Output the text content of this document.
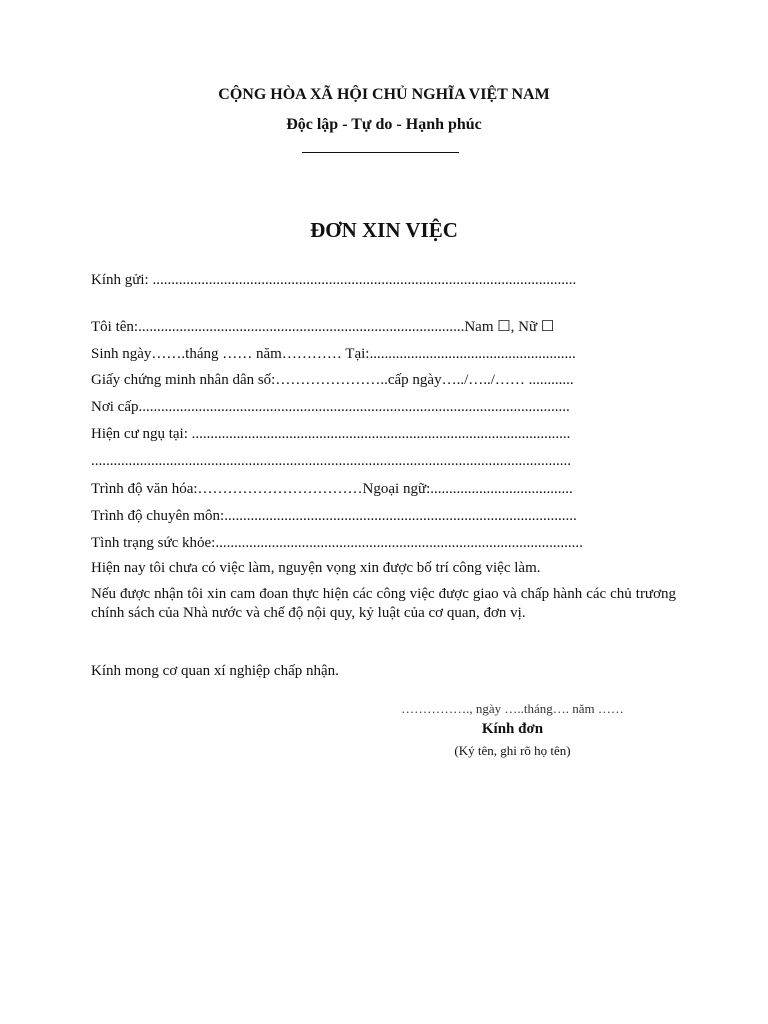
CỘNG HÒA XÃ HỘI CHỦ NGHĨA VIỆT NAM
Độc lập - Tự do - Hạnh phúc
ĐƠN XIN VIỆC
Kính gửi: .................................................................................................................
Tôi tên:.......................................................................................Nam ☐, Nữ ☐
Sinh ngày…….tháng …… năm………… Tại:.......................................................
Giấy chứng minh nhân dân số:…………………..cấp ngày…../…../…… ............
Nơi cấp...................................................................................................................
Hiện cư ngụ tại: .....................................................................................................
................................................................................................................................
Trình độ văn hóa:……………………………Ngoại ngữ:......................................
Trình độ chuyên môn:..............................................................................................
Tình trạng sức khỏe:..................................................................................................
Hiện nay tôi chưa có việc làm, nguyện vọng xin được bố trí công việc làm.
Nếu được nhận tôi xin cam đoan thực hiện các công việc được giao và chấp hành các chủ trương chính sách của Nhà nước và chế độ nội quy, kỷ luật của cơ quan, đơn vị.
Kính mong cơ quan xí nghiệp chấp nhận.
……………., ngày …..tháng…. năm ……
Kính đơn
(Ký tên, ghi rõ họ tên)
